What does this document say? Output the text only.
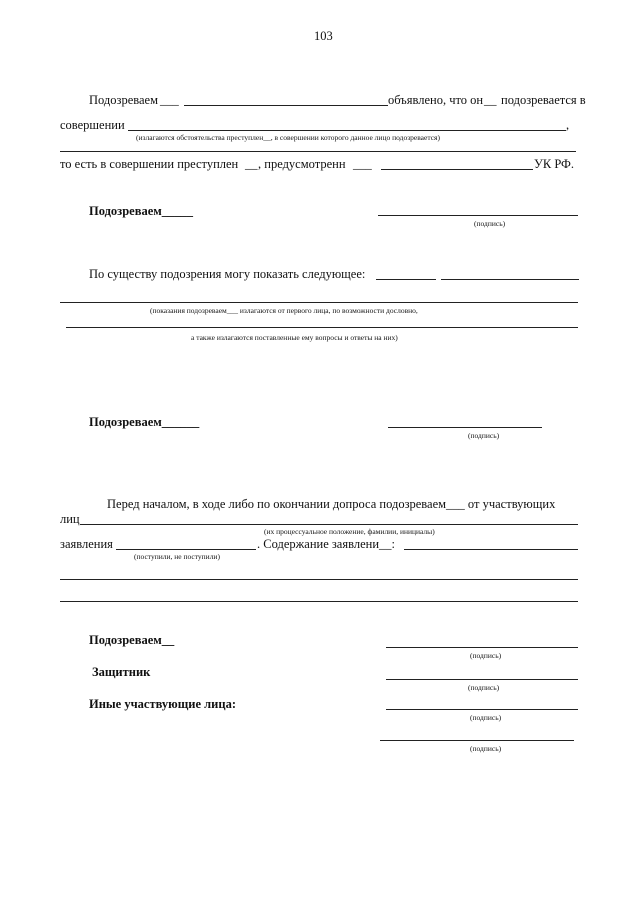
103
Подозреваем ___	объявлено, что он __ подозревается в
совершении	,
(излагаются обстоятельства преступлен__, в совершении которого данное лицо подозревается)
то есть в совершении преступлен __ , предусмотренн ___	УК РФ.
Подозреваем_____
(подпись)
По существу подозрения могу показать следующее:
(показания подозреваем___ излагаются от первого лица, по возможности дословно,
а также излагаются поставленные ему вопросы и ответы на них)
Подозреваем______
(подпись)
Перед началом, в ходе либо по окончании допроса подозреваем___ от участвующих
лиц
(их процессуальное положение, фамилии, инициалы)
заявления	. Содержание заявлени__:
(поступили, не поступили)
Подозреваем__
(подпись)
Защитник
(подпись)
Иные участвующие лица:
(подпись)
(подпись)
